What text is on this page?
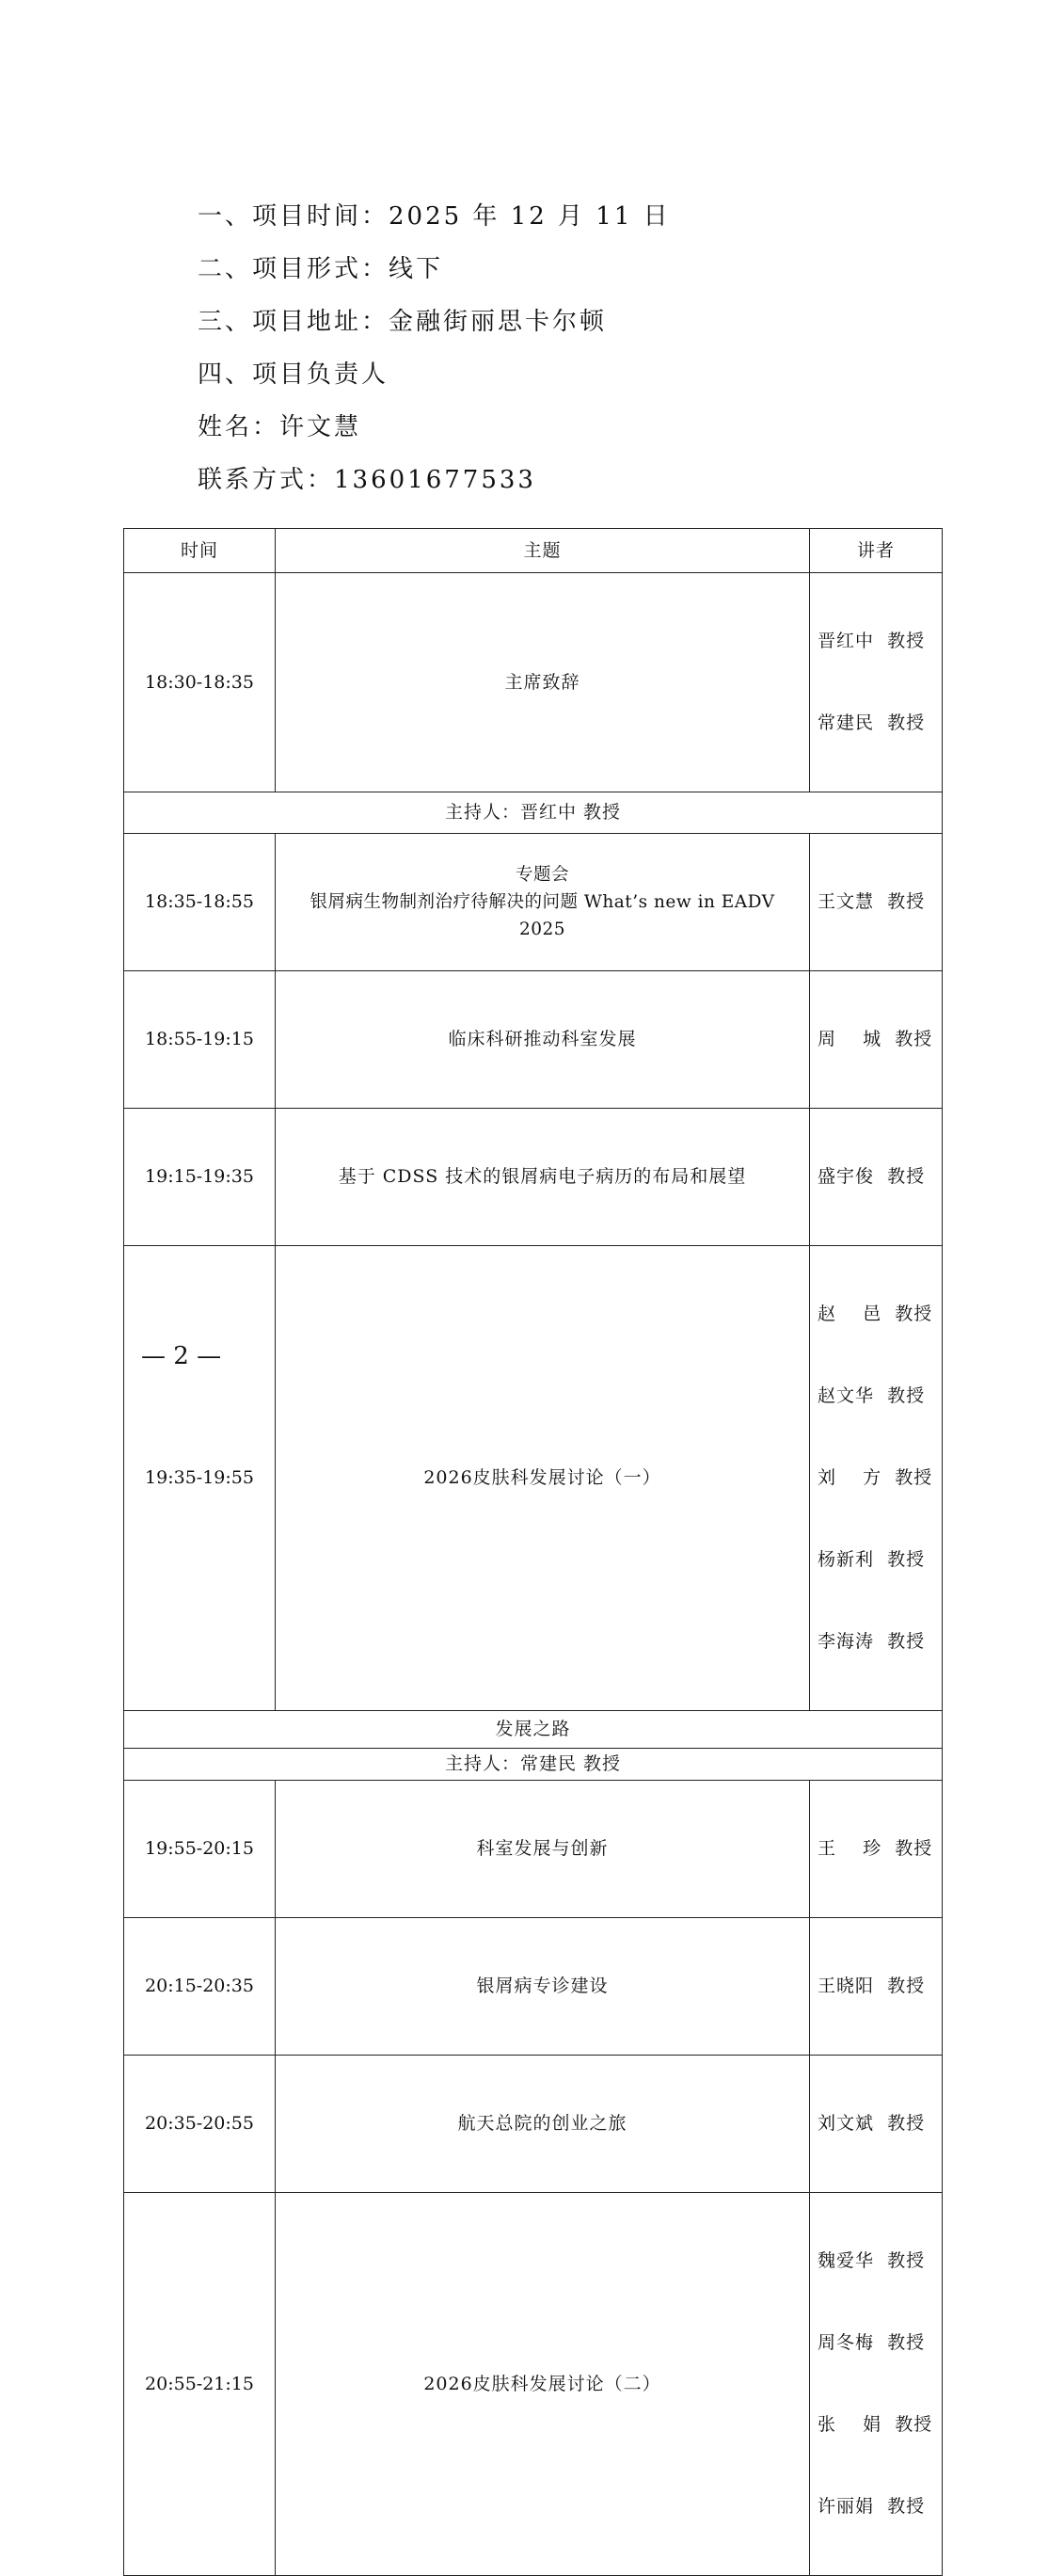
一、项目时间：2025 年 12 月 11 日
二、项目形式：线下
三、项目地址：金融街丽思卡尔顿
四、项目负责人
姓名：许文慧
联系方式：13601677533
时间	主题	讲者
18:30-18:35	主席致辞	晋红中  教授

常建民  教授

主持人：晋红中 教授		
18:35-18:55	专题会
银屑病生物制剂治疗待解决的问题 What’s new in EADV
2025	王文慧  教授

18:55-19:15	临床科研推动科室发展	周    城  教授

19:15-19:35	基于 CDSS 技术的银屑病电子病历的布局和展望	盛宇俊  教授

19:35-19:55	2026皮肤科发展讨论（一）	赵    邑  教授

赵文华  教授

刘    方  教授

杨新利  教授

李海涛  教授

发展之路		
主持人：常建民 教授		
19:55-20:15	科室发展与创新	王    珍  教授

20:15-20:35	银屑病专诊建设	王晓阳  教授

20:35-20:55	航天总院的创业之旅	刘文斌  教授

20:55-21:15	2026皮肤科发展讨论（二）	魏爱华  教授

周冬梅  教授

张    娟  教授

许丽娟  教授

— 2 —
